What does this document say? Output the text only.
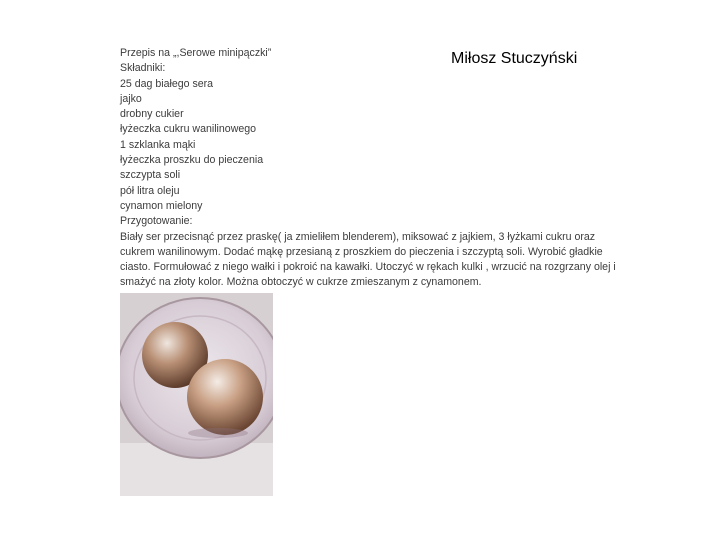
Miłosz Stuczyński
Przepis na „,Serowe minipączki”
Składniki:
25 dag białego sera
jajko
drobny cukier
łyżeczka cukru wanilinowego
1 szklanka mąki
łyżeczka proszku do pieczenia
szczypta soli
pół litra oleju
cynamon mielony
Przygotowanie:
Biały ser przecisnąć przez praskę( ja zmieliłem blenderem), miksować z jajkiem, 3 łyżkami cukru oraz cukrem wanilinowym. Dodać mąkę przesianą z proszkiem do pieczenia i szczyptą soli. Wyrobić gładkie ciasto. Formułować z niego wałki i pokroić na kawałki. Utoczyć w rękach kulki , wrzucić na rozgrzany olej i smażyć na złoty kolor. Można obtoczyć w cukrze zmieszanym z cynamonem.
